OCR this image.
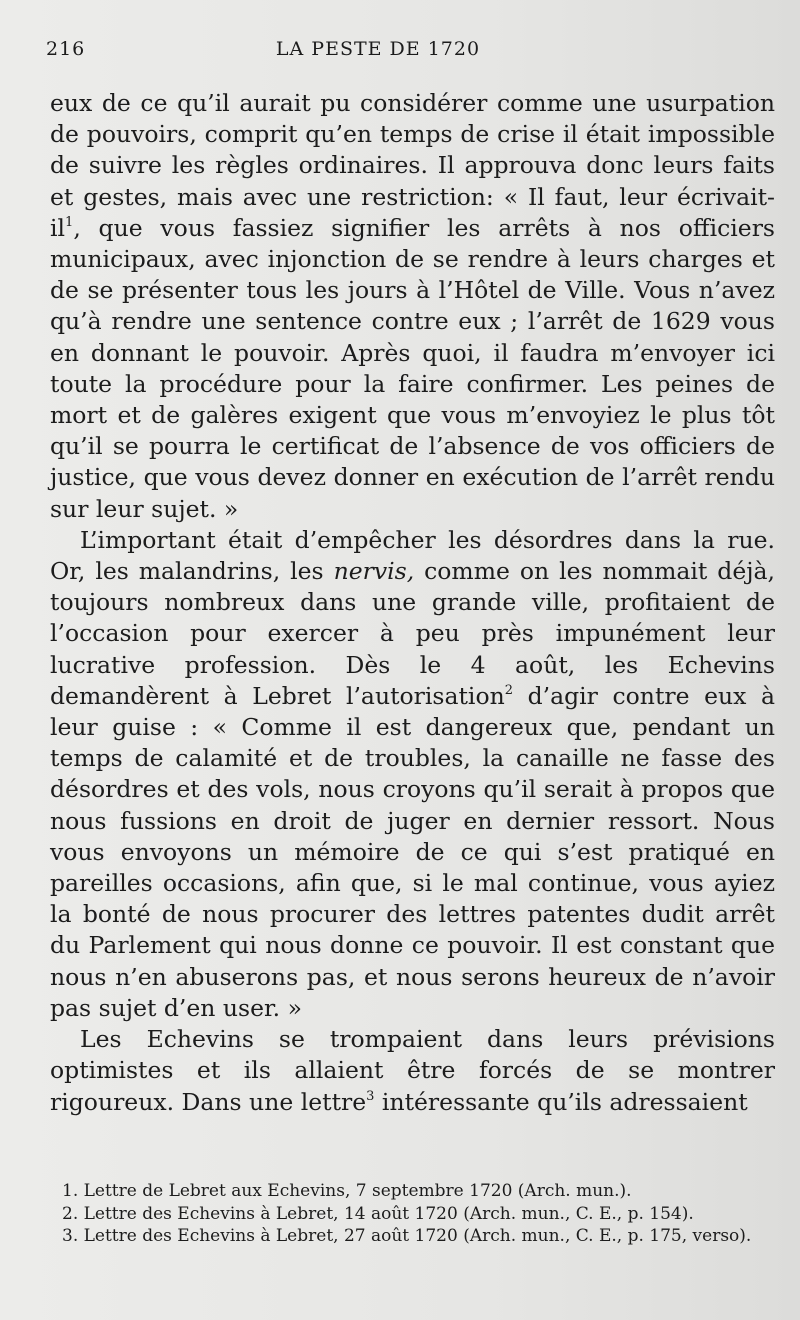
216	LA PESTE DE 1720

eux de ce qu’il aurait pu considérer comme une usurpation de pouvoirs, comprit qu’en temps de crise il était impossible de suivre les règles ordinaires. Il approuva donc leurs faits et gestes, mais avec une restriction: « Il faut, leur écrivait-$il^1$, que vous fassiez signifier les arrêts à nos officiers municipaux, avec injonction de se rendre à leurs charges et de se présenter tous les jours à l’Hôtel de Ville. Vous n’avez qu’à rendre une sentence contre eux ; l’arrêt de 1629 vous en donnant le pouvoir. Après quoi, il faudra m’envoyer ici toute la procédure pour la faire confirmer. Les peines de mort et de galères exigent que vous m’envoyiez le plus tôt qu’il se pourra le certificat de l’absence de vos officiers de justice, que vous devez donner en exécution de l’arrêt rendu sur leur sujet. »

L’important était d’empêcher les désordres dans la rue. Or, les malandrins, les nervis, comme on les nommait déjà, toujours nombreux dans une grande ville, profitaient de l’occasion pour exercer à peu près impunément leur lucrative profession. Dès le 4 août, les Echevins demandèrent à Lebret l’autorisation$^2$ d’agir contre eux à leur guise : « Comme il est dangereux que, pendant un temps de calamité et de troubles, la canaille ne fasse des désordres et des vols, nous croyons qu’il serait à propos que nous fussions en droit de juger en dernier ressort. Nous vous envoyons un mémoire de ce qui s’est pratiqué en pareilles occasions, afin que, si le mal continue, vous ayiez la bonté de nous procurer des lettres patentes dudit arrêt du Parlement qui nous donne ce pouvoir. Il est constant que nous n’en abuserons pas, et nous serons heureux de n’avoir pas sujet d’en user. »

Les Echevins se trompaient dans leurs prévisions optimistes et ils allaient être forcés de se montrer rigoureux. Dans une lettre$^3$ intéressante qu’ils adressaient

1. Lettre de Lebret aux Echevins, 7 septembre 1720 (Arch. mun.).

2. Lettre des Echevins à Lebret, 14 août 1720 (Arch. mun., C. E., p. 154).

3. Lettre des Echevins à Lebret, 27 août 1720 (Arch. mun., C. E., p. 175, verso).
